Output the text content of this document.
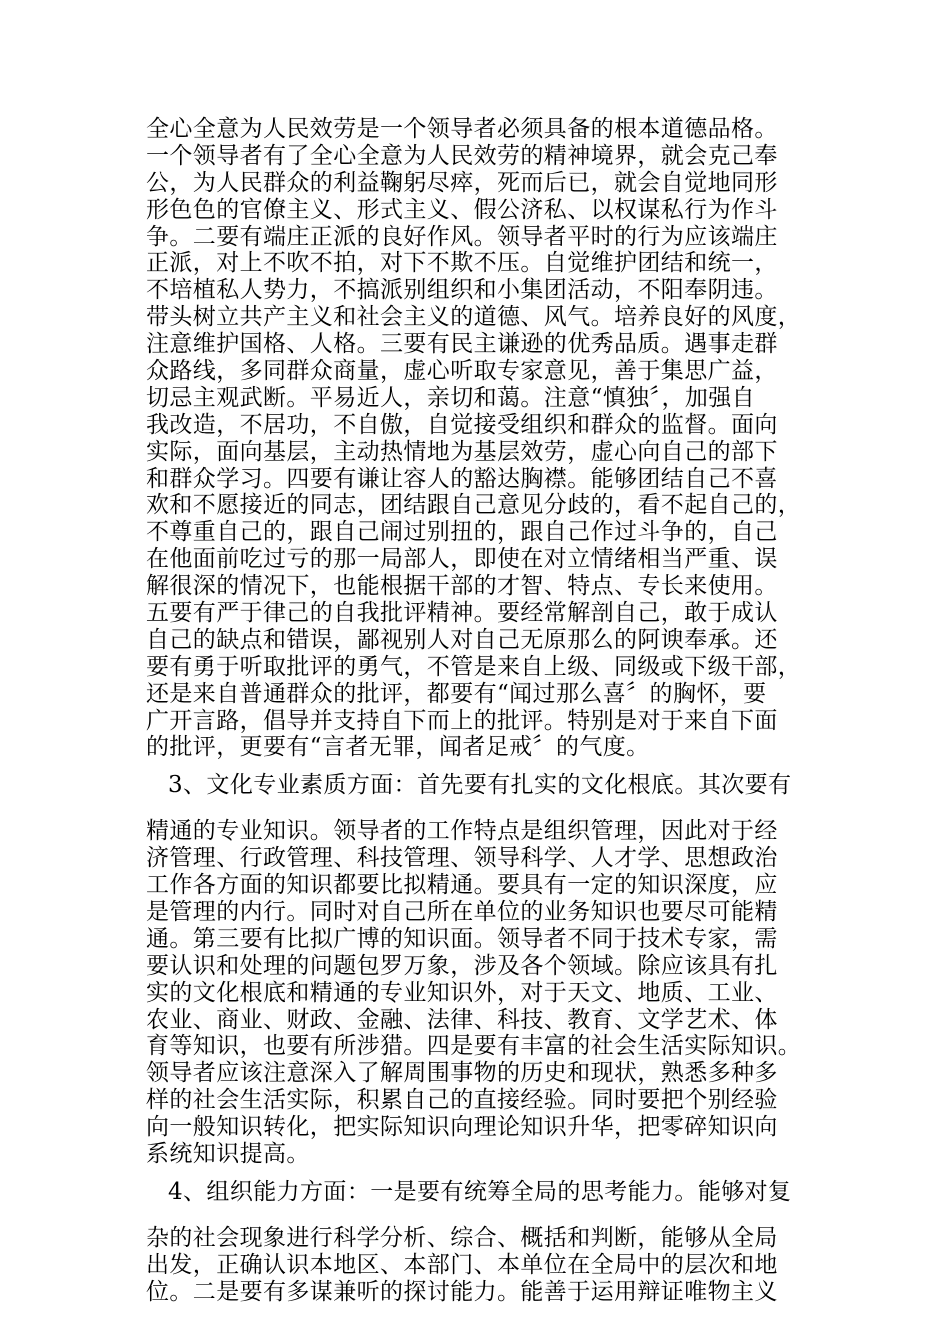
全心全意为人民效劳是一个领导者必须具备的根本道德品格。
一个领导者有了全心全意为人民效劳的精神境界，就会克己奉
公，为人民群众的利益鞠躬尽瘁，死而后已，就会自觉地同形
形色色的官僚主义、形式主义、假公济私、以权谋私行为作斗
争。二要有端庄正派的良好作风。领导者平时的行为应该端庄
正派，对上不吹不拍，对下不欺不压。自觉维护团结和统一，
不培植私人势力，不搞派别组织和小集团活动，不阳奉阴违。
带头树立共产主义和社会主义的道德、风气。培养良好的风度，
注意维护国格、人格。三要有民主谦逊的优秀品质。遇事走群
众路线，多同群众商量，虚心听取专家意见，善于集思广益，
切忌主观武断。平易近人，亲切和蔼。注意“慎独〞，加强自
我改造，不居功，不自傲，自觉接受组织和群众的监督。面向
实际，面向基层，主动热情地为基层效劳，虚心向自己的部下
和群众学习。四要有谦让容人的豁达胸襟。能够团结自己不喜
欢和不愿接近的同志，团结跟自己意见分歧的，看不起自己的，
不尊重自己的，跟自己闹过别扭的，跟自己作过斗争的，自己
在他面前吃过亏的那一局部人，即使在对立情绪相当严重、误
解很深的情况下，也能根据干部的才智、特点、专长来使用。
五要有严于律己的自我批评精神。要经常解剖自己，敢于成认
自己的缺点和错误，鄙视别人对自己无原那么的阿谀奉承。还
要有勇于听取批评的勇气，不管是来自上级、同级或下级干部，
还是来自普通群众的批评，都要有“闻过那么喜〞的胸怀，要
广开言路，倡导并支持自下而上的批评。特别是对于来自下面
的批评，更要有“言者无罪，闻者足戒〞的气度。
3、文化专业素质方面：首先要有扎实的文化根底。其次要有
精通的专业知识。领导者的工作特点是组织管理，因此对于经
济管理、行政管理、科技管理、领导科学、人才学、思想政治
工作各方面的知识都要比拟精通。要具有一定的知识深度，应
是管理的内行。同时对自己所在单位的业务知识也要尽可能精
通。第三要有比拟广博的知识面。领导者不同于技术专家，需
要认识和处理的问题包罗万象，涉及各个领域。除应该具有扎
实的文化根底和精通的专业知识外，对于天文、地质、工业、
农业、商业、财政、金融、法律、科技、教育、文学艺术、体
育等知识，也要有所涉猎。四是要有丰富的社会生活实际知识。
领导者应该注意深入了解周围事物的历史和现状，熟悉多种多
样的社会生活实际，积累自己的直接经验。同时要把个别经验
向一般知识转化，把实际知识向理论知识升华，把零碎知识向
系统知识提高。
4、组织能力方面：一是要有统筹全局的思考能力。能够对复
杂的社会现象进行科学分析、综合、概括和判断，能够从全局
出发，正确认识本地区、本部门、本单位在全局中的层次和地
位。二是要有多谋兼听的探讨能力。能善于运用辩证唯物主义
